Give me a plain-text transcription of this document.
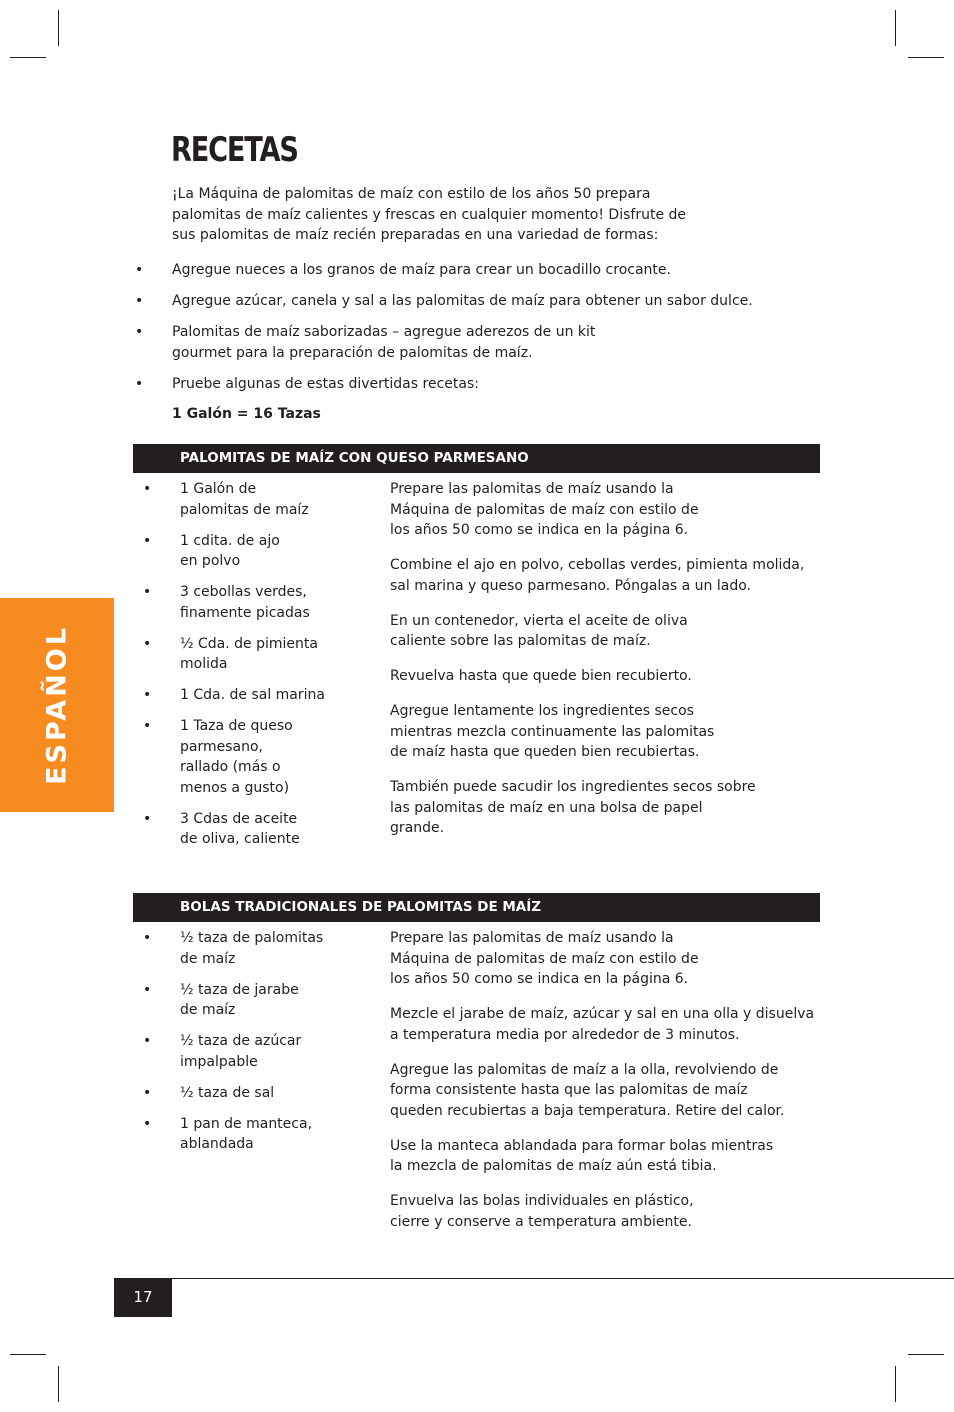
ESPAÑOL
RECETAS

¡La Máquina de palomitas de maíz con estilo de los años 50 prepara palomitas de maíz calientes y frescas en cualquier momento! Disfrute de sus palomitas de maíz recién preparadas en una variedad de formas:

• Agregue nueces a los granos de maíz para crear un bocadillo crocante.
• Agregue azúcar, canela y sal a las palomitas de maíz para obtener un sabor dulce.
• Palomitas de maíz saborizadas – agregue aderezos de un kit gourmet para la preparación de palomitas de maíz.
• Pruebe algunas de estas divertidas recetas:

1 Galón = 16 Tazas

PALOMITAS DE MAÍZ CON QUESO PARMESANO
• 1 Galón de palomitas de maíz
• 1 cdita. de ajo en polvo
• 3 cebollas verdes, finamente picadas
• ½ Cda. de pimienta molida
• 1 Cda. de sal marina
• 1 Taza de queso parmesano, rallado (más o menos a gusto)
• 3 Cdas de aceite de oliva, caliente

Prepare las palomitas de maíz usando la Máquina de palomitas de maíz con estilo de los años 50 como se indica en la página 6.

Combine el ajo en polvo, cebollas verdes, pimienta molida, sal marina y queso parmesano. Póngalas a un lado.

En un contenedor, vierta el aceite de oliva caliente sobre las palomitas de maíz.

Revuelva hasta que quede bien recubierto.

Agregue lentamente los ingredientes secos mientras mezcla continuamente las palomitas de maíz hasta que queden bien recubiertas.

También puede sacudir los ingredientes secos sobre las palomitas de maíz en una bolsa de papel grande.

BOLAS TRADICIONALES DE PALOMITAS DE MAÍZ
• ½ taza de palomitas de maíz
• ½ taza de jarabe de maíz
• ½ taza de azúcar impalpable
• ½ taza de sal
• 1 pan de manteca, ablandada

Prepare las palomitas de maíz usando la Máquina de palomitas de maíz con estilo de los años 50 como se indica en la página 6.

Mezcle el jarabe de maíz, azúcar y sal en una olla y disuelva a temperatura media por alrededor de 3 minutos.

Agregue las palomitas de maíz a la olla, revolviendo de forma consistente hasta que las palomitas de maíz queden recubiertas a baja temperatura. Retire del calor.

Use la manteca ablandada para formar bolas mientras la mezcla de palomitas de maíz aún está tibia.

Envuelva las bolas individuales en plástico, cierre y conserve a temperatura ambiente.

17
